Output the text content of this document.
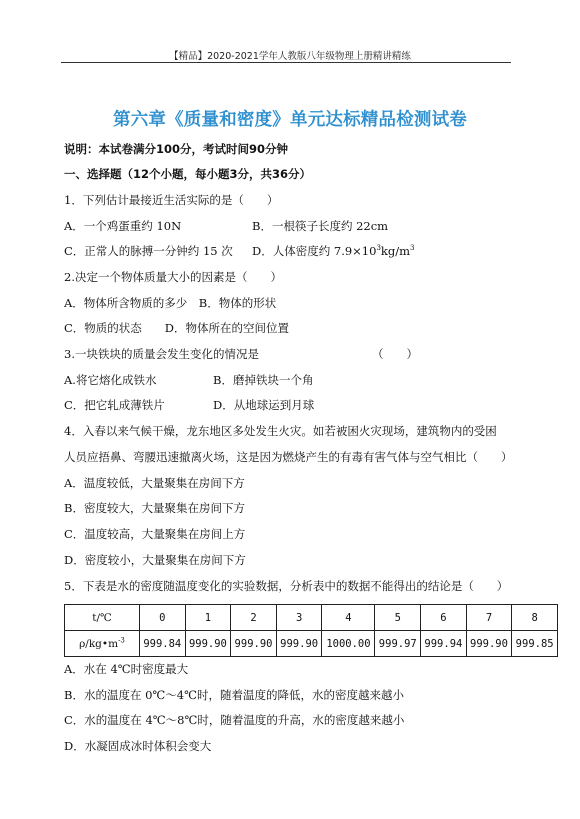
【精品】2020-2021学年人教版八年级物理上册精讲精练
第六章《质量和密度》单元达标精品检测试卷
说明：本试卷满分100分，考试时间90分钟
一、选择题（12个小题，每小题3分，共36分）
1．下列估计最接近生活实际的是（　　）
A．一个鸡蛋重约 10N	B．一根筷子长度约 22cm
C．正常人的脉搏一分钟约 15 次 D．人体密度约 $7.9\times 10^3kg/m^3$
2.决定一个物体质量大小的因素是（　　）
A．物体所含物质的多少　B．物体的形状
C．物质的状态　　D．物体所在的空间位置
3.一块铁块的质量会发生变化的情况是	（　　）
A.将它熔化成铁水	B．磨掉铁块一个角
C．把它轧成薄铁片	D．从地球运到月球
4．入春以来气候干燥，龙东地区多处发生火灾。如若被困火灾现场，建筑物内的受困
人员应捂鼻、弯腰迅速撤离火场，这是因为燃烧产生的有毒有害气体与空气相比（　　）
A．温度较低，大量聚集在房间下方
B．密度较大，大量聚集在房间下方
C．温度较高，大量聚集在房间上方
D．密度较小，大量聚集在房间下方
5．下表是水的密度随温度变化的实验数据，分析表中的数据不能得出的结论是（　　）
t/℃	0	1	2	3	4	5	6	7	8
$\rho/kg•m^{-3}$	999.84	999.90	999.90	999.90	1000.00	999.97	999.94	999.90	999.85
A．水在 4℃时密度最大
B．水的温度在 0℃～4℃时，随着温度的降低，水的密度越来越小
C．水的温度在 4℃～8℃时，随着温度的升高，水的密度越来越小
D．水凝固成冰时体积会变大
